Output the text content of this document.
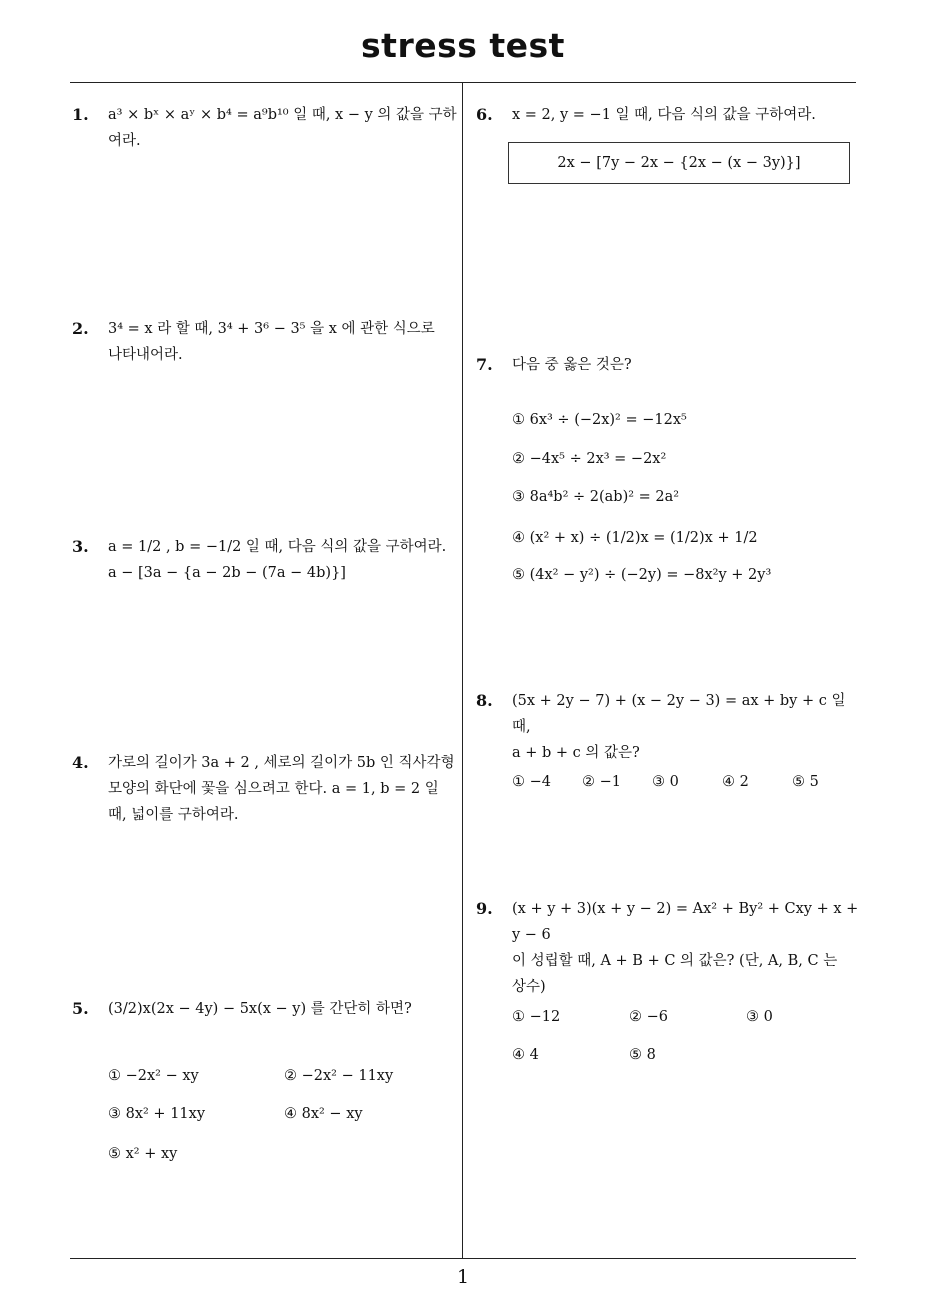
stress test
1
1. a³ × bˣ × aʸ × b⁴ = a⁹b¹⁰ 일 때, x − y 의 값을 구하
여라.
2. 3⁴ = x 라 할 때, 3⁴ + 3⁶ − 3⁵ 을 x 에 관한 식으로
나타내어라.
3. a = 1/2 , b = −1/2 일 때, 다음 식의 값을 구하여라.
a − [3a − {a − 2b − (7a − 4b)}]
4. 가로의 길이가 3a + 2 , 세로의 길이가 5b 인 직사각형
모양의 화단에 꽃을 심으려고 한다. a = 1, b = 2 일
때, 넓이를 구하여라.
5. (3/2)x(2x − 4y) − 5x(x − y) 를 간단히 하면?
① −2x² − xy	② −2x² − 11xy
③ 8x² + 11xy	④ 8x² − xy
⑤ x² + xy
6. x = 2, y = −1 일 때, 다음 식의 값을 구하여라.
2x − [7y − 2x − {2x − (x − 3y)}]
7. 다음 중 옳은 것은?
① 6x³ ÷ (−2x)² = −12x⁵
② −4x⁵ ÷ 2x³ = −2x²
③ 8a⁴b² ÷ 2(ab)² = 2a²
④ (x² + x) ÷ (1/2)x = (1/2)x + 1/2
⑤ (4x² − y²) ÷ (−2y) = −8x²y + 2y³
8. (5x + 2y − 7) + (x − 2y − 3) = ax + by + c 일 때,
a + b + c 의 값은?
① −4 ② −1 ③ 0	④ 2	⑤ 5
9. (x + y + 3)(x + y − 2) = Ax² + By² + Cxy + x + y − 6
이 성립할 때, A + B + C 의 값은? (단, A, B, C 는
상수)
① −12	② −6	③ 0
④ 4	⑤ 8
